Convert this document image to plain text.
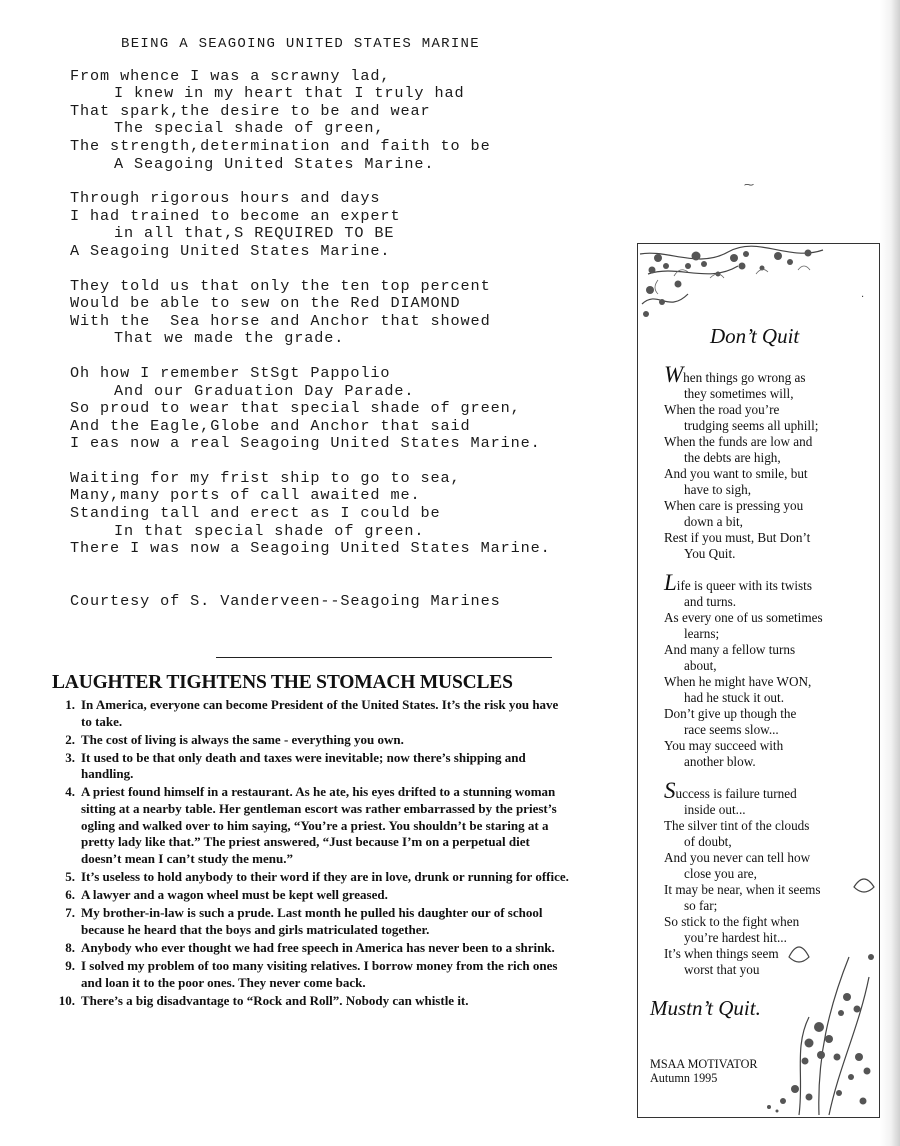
BEING A SEAGOING UNITED STATES MARINE
From whence I was a scrawny lad,
I knew in my heart that I truly had
That spark,the desire to be and wear
The special shade of green,
The strength,determination and faith to be
A Seagoing United States Marine.
Through rigorous hours and days
I had trained to become an expert
in all that,S REQUIRED TO BE
A Seagoing United States Marine.
They told us that only the ten top percent
Would be able to sew on the Red DIAMOND
With the  Sea horse and Anchor that showed
That we made the grade.
Oh how I remember StSgt Pappolio
And our Graduation Day Parade.
So proud to wear that special shade of green,
And the Eagle,Globe and Anchor that said
I eas now a real Seagoing United States Marine.
Waiting for my frist ship to go to sea,
Many,many ports of call awaited me.
Standing tall and erect as I could be
In that special shade of green.
There I was now a Seagoing United States Marine.
Courtesy of S. Vanderveen--Seagoing Marines
LAUGHTER TIGHTENS THE STOMACH MUSCLES
1. In America, everyone can become President of the United States. It’s the risk you have to take.
2. The cost of living is always the same - everything you own.
3. It used to be that only death and taxes were inevitable; now there’s shipping and handling.
4. A priest found himself in a restaurant. As he ate, his eyes drifted to a stunning woman sitting at a nearby table. Her gentleman escort was rather embarrassed by the priest’s ogling and walked over to him saying, “You’re a priest. You shouldn’t be staring at a pretty lady like that.” The priest answered, “Just because I’m on a perpetual diet doesn’t mean I can’t study the menu.”
5. It’s useless to hold anybody to their word if they are in love, drunk or running for office.
6. A lawyer and a wagon wheel must be kept well greased.
7. My brother-in-law is such a prude. Last month he pulled his daughter our of school because he heard that the boys and girls matriculated together.
8. Anybody who ever thought we had free speech in America has never been to a shrink.
9. I solved my problem of too many visiting relatives. I borrow money from the rich ones and loan it to the poor ones. They never come back.
10. There’s a big disadvantage to “Rock and Roll”. Nobody can whistle it.
Don’t Quit
When things go wrong as
they sometimes will,
When the road you’re
trudging seems all uphill;
When the funds are low and
the debts are high,
And you want to smile, but
have to sigh,
When care is pressing you
down a bit,
Rest if you must, But Don’t
You Quit.
Life is queer with its twists
and turns.
As every one of us sometimes
learns;
And many a fellow turns
about,
When he might have WON,
had he stuck it out.
Don’t give up though the
race seems slow...
You may succeed with
another blow.
Success is failure turned
inside out...
The silver tint of the clouds
of doubt,
And you never can tell how
close you are,
It may be near, when it seems
so far;
So stick to the fight when
you’re hardest hit...
It’s when things seem
worst that you
Mustn’t Quit.
MSAA MOTIVATOR
Autumn 1995
⁓
·
